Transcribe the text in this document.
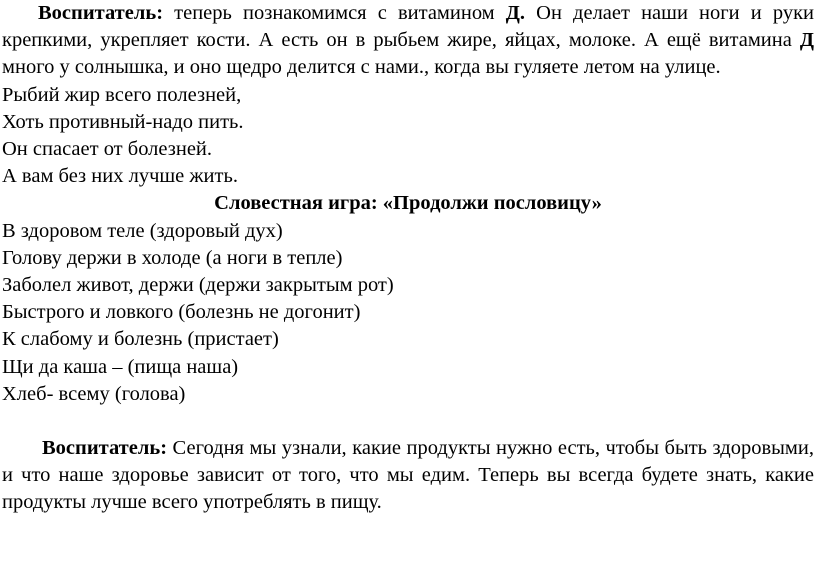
Воспитатель: теперь познакомимся с витамином Д. Он делает наши ноги и руки крепкими, укрепляет кости. А есть он в рыбьем жире, яйцах, молоке. А ещё витамина Д много у солнышка, и оно щедро делится с нами., когда вы гуляете летом на улице.

Рыбий жир всего полезней,

Хоть противный-надо пить.

Он спасает от болезней.

А вам без них лучше жить.

Словестная игра: «Продолжи пословицу»

В здоровом теле (здоровый дух)

Голову держи в холоде (а ноги в тепле)

Заболел живот, держи (держи закрытым рот)

Быстрого и ловкого (болезнь не догонит)

К слабому и болезнь (пристает)

Щи да каша – (пища наша)

Хлеб- всему (голова)

Воспитатель: Сегодня мы узнали, какие продукты нужно есть, чтобы быть здоровыми, и что наше здоровье зависит от того, что мы едим. Теперь вы всегда будете знать, какие продукты лучше всего употреблять в пищу.
